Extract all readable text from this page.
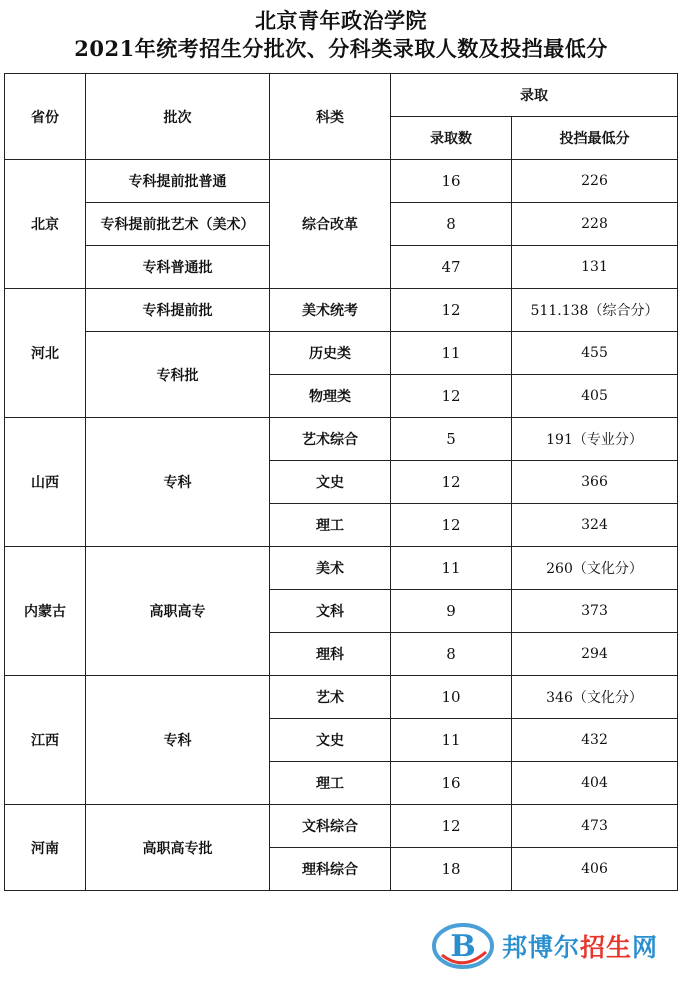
北京青年政治学院
2021年统考招生分批次、分科类录取人数及投挡最低分
省份	批次	科类	录取	
			录取数	投挡最低分
北京	专科提前批普通	综合改革	16	226
	专科提前批艺术（美术）		8	228
	专科普通批		47	131
河北	专科提前批	美术统考	12	511.138（综合分）
	专科批	历史类	11	455
		物理类	12	405
山西	专科	艺术综合	5	191（专业分）
		文史	12	366
		理工	12	324
内蒙古	高职高专	美术	11	260（文化分）
		文科	9	373
		理科	8	294
江西	专科	艺术	10	346（文化分）
		文史	11	432
		理工	16	404
河南	高职高专批	文科综合	12	473
		理科综合	18	406
B 邦博尔招生网
